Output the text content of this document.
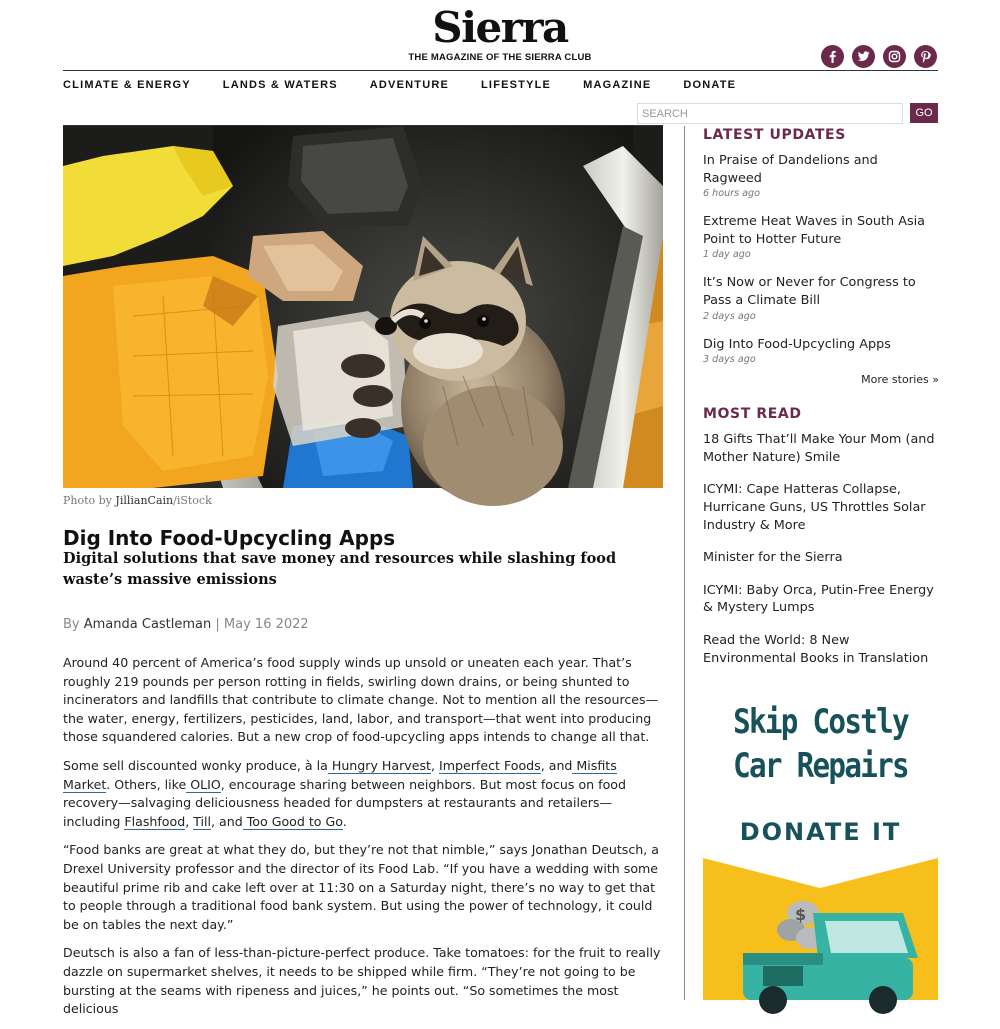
Sierra
THE MAGAZINE OF THE SIERRA CLUB
CLIMATE & ENERGY	LANDS & WATERS	ADVENTURE	LIFESTYLE	MAGAZINE	DONATE
SEARCH
GO
Photo by JillianCain/iStock
Dig Into Food-Upcycling Apps
Digital solutions that save money and resources while slashing food waste’s massive emissions
By Amanda Castleman | May 16 2022

Around 40 percent of America’s food supply winds up unsold or uneaten each year. That’s roughly 219 pounds per person rotting in fields, swirling down drains, or being shunted to incinerators and landfills that contribute to climate change. Not to mention all the resources—the water, energy, fertilizers, pesticides, land, labor, and transport—that went into producing those squandered calories. But a new crop of food-upcycling apps intends to change all that.

Some sell discounted wonky produce, à la Hungry Harvest, Imperfect Foods, and Misfits Market. Others, like OLIO, encourage sharing between neighbors. But most focus on food recovery—salvaging deliciousness headed for dumpsters at restaurants and retailers—including Flashfood, Till, and Too Good to Go.

“Food banks are great at what they do, but they’re not that nimble,” says Jonathan Deutsch, a Drexel University professor and the director of its Food Lab. “If you have a wedding with some beautiful prime rib and cake left over at 11:30 on a Saturday night, there’s no way to get that to people through a traditional food bank system. But using the power of technology, it could be on tables the next day.”

Deutsch is also a fan of less-than-picture-perfect produce. Take tomatoes: for the fruit to really dazzle on supermarket shelves, it needs to be shipped while firm. “They’re not going to be bursting at the seams with ripeness and juices,” he points out. “So sometimes the most delicious

LATEST UPDATES
In Praise of Dandelions and Ragweed
6 hours ago
Extreme Heat Waves in South Asia Point to Hotter Future
1 day ago
It’s Now or Never for Congress to Pass a Climate Bill
2 days ago
Dig Into Food-Upcycling Apps
3 days ago
More stories »
MOST READ
18 Gifts That’ll Make Your Mom (and Mother Nature) Smile
ICYMI: Cape Hatteras Collapse, Hurricane Guns, US Throttles Solar Industry & More
Minister for the Sierra
ICYMI: Baby Orca, Putin-Free Energy & Mystery Lumps
Read the World: 8 New Environmental Books in Translation
Skip Costly
Car Repairs
DONATE IT
$
